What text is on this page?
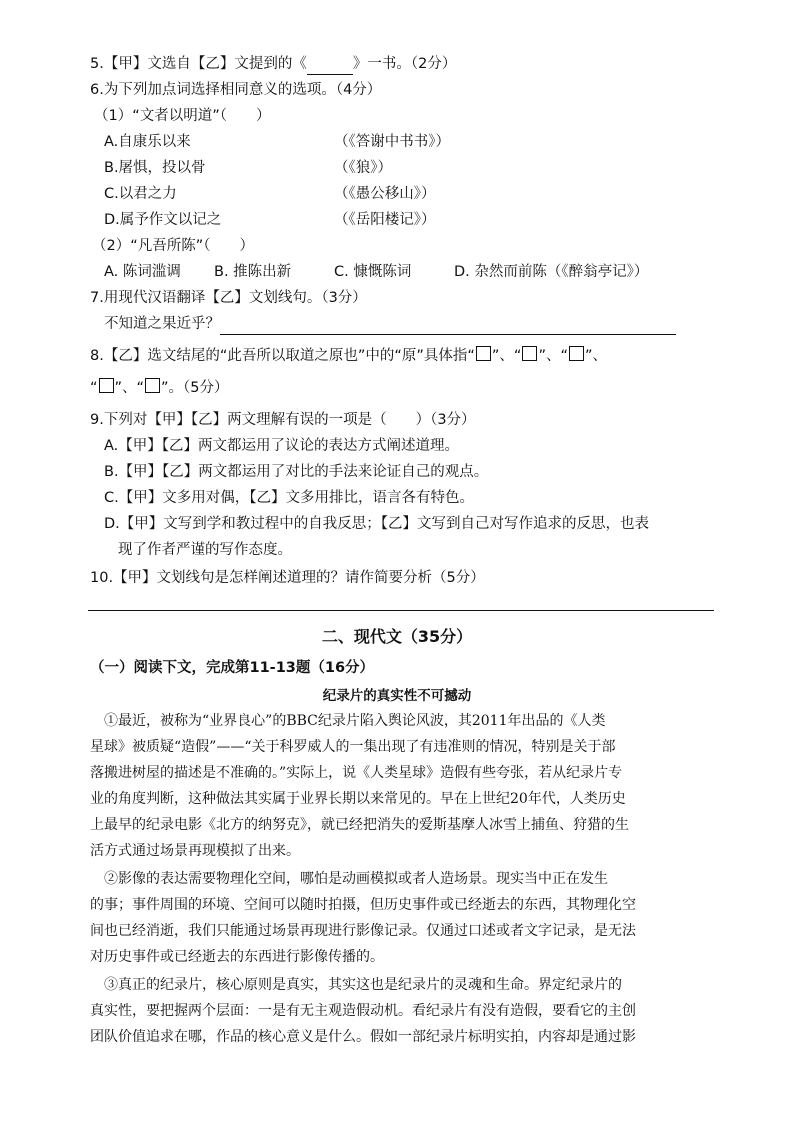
5.【甲】文选自【乙】文提到的《	》一书。（2分）
6.为下列加点词选择相同意义的选项。（4分）
（1）“文者以明道”（　　）
A.自康乐以来	（《答谢中书书》）
B.屠惧，投以骨	（《狼》）
C.以君之力	（《愚公移山》）
D.属予作文以记之	（《岳阳楼记》）
（2）“凡吾所陈”（　　）
A. 陈词滥调 B. 推陈出新	C. 慷慨陈词	D. 杂然而前陈（《醉翁亭记》）
7.用现代汉语翻译【乙】文划线句。（3分）
不知道之果近乎？
8.【乙】选文结尾的“此吾所以取道之原也”中的“原”具体指“ ”、“ ”、“ ”、
“ ”、“ ”。（5分）
9.下列对【甲】【乙】两文理解有误的一项是（　　）（3分）
A.【甲】【乙】两文都运用了议论的表达方式阐述道理。
B.【甲】【乙】两文都运用了对比的手法来论证自己的观点。
C.【甲】文多用对偶，【乙】文多用排比，语言各有特色。
D.【甲】文写到学和教过程中的自我反思；【乙】文写到自己对写作追求的反思，也表
现了作者严谨的写作态度。
10.【甲】文划线句是怎样阐述道理的？请作简要分析（5分）
二、现代文（35分）
（一）阅读下文，完成第11-13题（16分）
纪录片的真实性不可撼动
①最近，被称为“业界良心”的BBC纪录片陷入舆论风波，其2011年出品的《人类
星球》被质疑“造假”——“关于科罗威人的一集出现了有违准则的情况，特别是关于部
落搬进树屋的描述是不准确的。”实际上，说《人类星球》造假有些夸张，若从纪录片专
业的角度判断，这种做法其实属于业界长期以来常见的。早在上世纪20年代，人类历史
上最早的纪录电影《北方的纳努克》，就已经把消失的爱斯基摩人冰雪上捕鱼、狩猎的生
活方式通过场景再现模拟了出来。
②影像的表达需要物理化空间，哪怕是动画模拟或者人造场景。现实当中正在发生
的事；事件周围的环境、空间可以随时拍摄，但历史事件或已经逝去的东西，其物理化空
间也已经消逝，我们只能通过场景再现进行影像记录。仅通过口述或者文字记录，是无法
对历史事件或已经逝去的东西进行影像传播的。
③真正的纪录片，核心原则是真实，其实这也是纪录片的灵魂和生命。界定纪录片的
真实性，要把握两个层面：一是有无主观造假动机。看纪录片有没有造假，要看它的主创
团队价值追求在哪，作品的核心意义是什么。假如一部纪录片标明实拍，内容却是通过影
